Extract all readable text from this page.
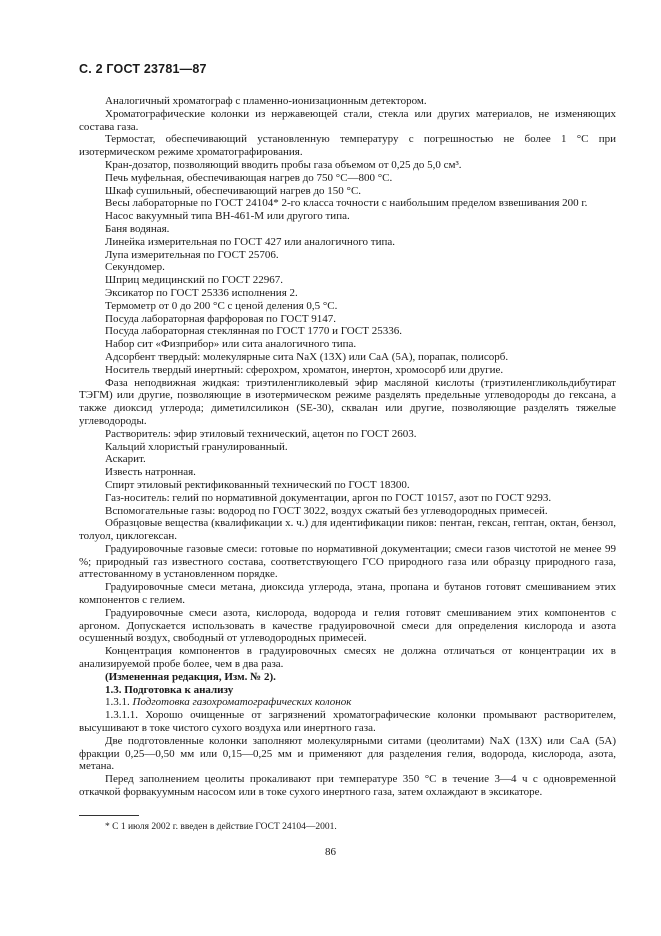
С. 2 ГОСТ 23781—87

Аналогичный хроматограф с пламенно-ионизационным детектором.

Хроматографические колонки из нержавеющей стали, стекла или других материалов, не изменяющих состава газа.

Термостат, обеспечивающий установленную температуру с погрешностью не более 1 °С при изотермическом режиме хроматографирования.

Кран-дозатор, позволяющий вводить пробы газа объемом от 0,25 до 5,0 см³.

Печь муфельная, обеспечивающая нагрев до 750 °С—800 °С.

Шкаф сушильный, обеспечивающий нагрев до 150 °С.

Весы лабораторные по ГОСТ 24104* 2-го класса точности с наибольшим пределом взвешивания 200 г.

Насос вакуумный типа ВН-461-М или другого типа.

Баня водяная.

Линейка измерительная по ГОСТ 427 или аналогичного типа.

Лупа измерительная по ГОСТ 25706.

Секундомер.

Шприц медицинский по ГОСТ 22967.

Эксикатор по ГОСТ 25336 исполнения 2.

Термометр от 0 до 200 °С с ценой деления 0,5 °С.

Посуда лабораторная фарфоровая по ГОСТ 9147.

Посуда лабораторная стеклянная по ГОСТ 1770 и ГОСТ 25336.

Набор сит «Физприбор» или сита аналогичного типа.

Адсорбент твердый: молекулярные сита NaX (13X) или СаА (5А), порапак, полисорб.

Носитель твердый инертный: сферохром, хроматон, инертон, хромосорб или другие.

Фаза неподвижная жидкая: триэтиленгликолевый эфир масляной кислоты (триэтиленгликольдибутират ТЭГМ) или другие, позволяющие в изотермическом режиме разделять предельные углеводороды до гексана, а также диоксид углерода; диметилсиликон (SE-30), сквалан или другие, позволяющие разделять тяжелые углеводороды.

Растворитель: эфир этиловый технический, ацетон по ГОСТ 2603.

Кальций хлористый гранулированный.

Аскарит.

Известь натронная.

Спирт этиловый ректификованный технический по ГОСТ 18300.

Газ-носитель: гелий по нормативной документации, аргон по ГОСТ 10157, азот по ГОСТ 9293.

Вспомогательные газы: водород по ГОСТ 3022, воздух сжатый без углеводородных примесей.

Образцовые вещества (квалификации х. ч.) для идентификации пиков: пентан, гексан, гептан, октан, бензол, толуол, циклогексан.

Градуировочные газовые смеси: готовые по нормативной документации; смеси газов чистотой не менее 99 %; природный газ известного состава, соответствующего ГСО природного газа или образцу природного газа, аттестованному в установленном порядке.

Градуировочные смеси метана, диоксида углерода, этана, пропана и бутанов готовят смешиванием этих компонентов с гелием.

Градуировочные смеси азота, кислорода, водорода и гелия готовят смешиванием этих компонентов с аргоном. Допускается использовать в качестве градуировочной смеси для определения кислорода и азота осушенный воздух, свободный от углеводородных примесей.

Концентрация компонентов в градуировочных смесях не должна отличаться от концентрации их в анализируемой пробе более, чем в два раза.

(Измененная редакция, Изм. № 2).

1.3. Подготовка к анализу

1.3.1. Подготовка газохроматографических колонок

1.3.1.1. Хорошо очищенные от загрязнений хроматографические колонки промывают растворителем, высушивают в токе чистого сухого воздуха или инертного газа.

Две подготовленные колонки заполняют молекулярными ситами (цеолитами) NaX (13X) или СаА (5А) фракции 0,25—0,50 мм или 0,15—0,25 мм и применяют для разделения гелия, водорода, кислорода, азота, метана.

Перед заполнением цеолиты прокаливают при температуре 350 °С в течение 3—4 ч с одновременной откачкой форвакуумным насосом или в токе сухого инертного газа, затем охлаждают в эксикаторе.

* С 1 июля 2002 г. введен в действие ГОСТ 24104—2001.
86
